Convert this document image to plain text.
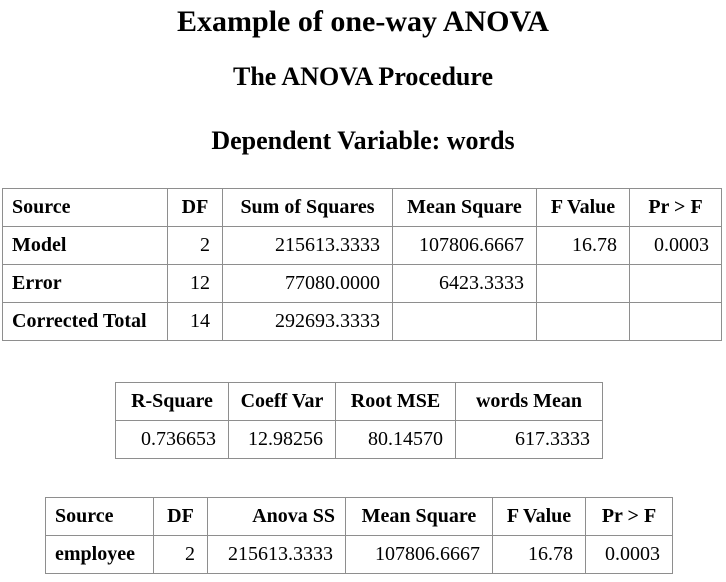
Example of one-way ANOVA
The ANOVA Procedure
Dependent Variable: words
Source	DF	Sum of Squares	Mean Square	F Value	Pr > F
Model	2	215613.3333	107806.6667	16.78	0.0003
Error	12	77080.0000	6423.3333		
Corrected Total	14	292693.3333			
R-Square	Coeff Var	Root MSE	words Mean
0.736653	12.98256	80.14570	617.3333
Source	DF	Anova SS	Mean Square	F Value	Pr > F
employee	2	215613.3333	107806.6667	16.78	0.0003
